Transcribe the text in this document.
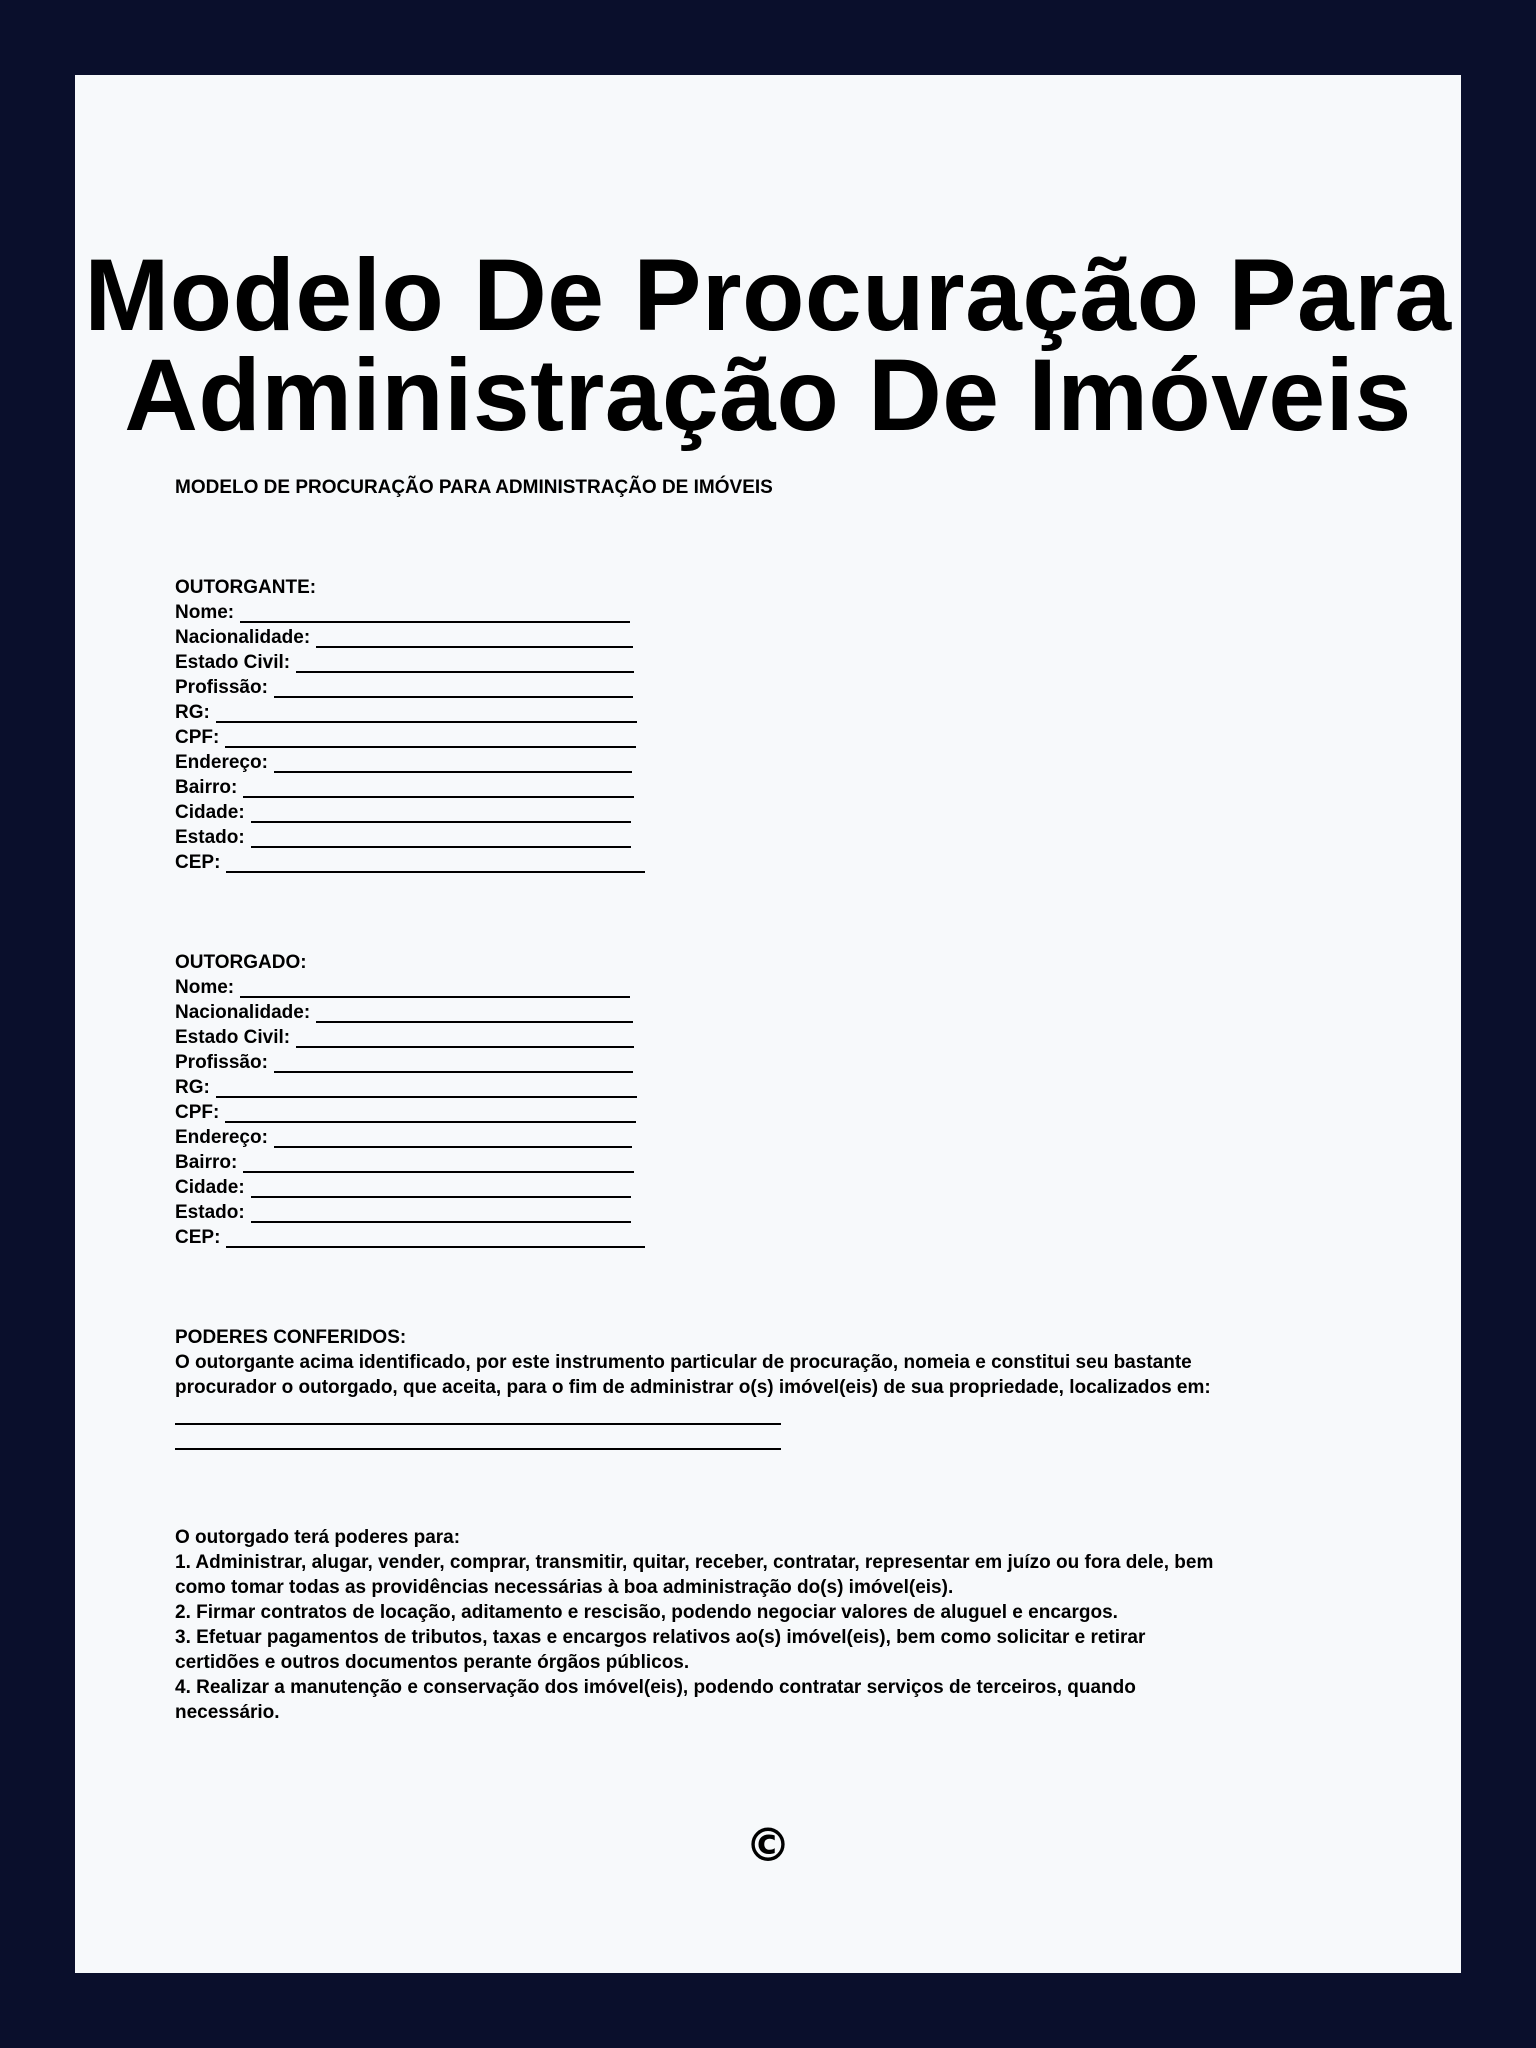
Modelo De Procuração Para
Administração De Imóveis

MODELO DE PROCURAÇÃO PARA ADMINISTRAÇÃO DE IMÓVEIS

OUTORGANTE:

Nome:
Nacionalidade:
Estado Civil:
Profissão:
RG:
CPF:
Endereço:
Bairro:
Cidade:
Estado:
CEP:

OUTORGADO:

Nome:
Nacionalidade:
Estado Civil:
Profissão:
RG:
CPF:
Endereço:
Bairro:
Cidade:
Estado:
CEP:

PODERES CONFERIDOS:

O outorgante acima identificado, por este instrumento particular de procuração, nomeia e constitui seu bastante procurador o outorgado, que aceita, para o fim de administrar o(s) imóvel(eis) de sua propriedade, localizados em:

O outorgado terá poderes para:

1. Administrar, alugar, vender, comprar, transmitir, quitar, receber, contratar, representar em juízo ou fora dele, bem como tomar todas as providências necessárias à boa administração do(s) imóvel(eis).
2. Firmar contratos de locação, aditamento e rescisão, podendo negociar valores de aluguel e encargos.
3. Efetuar pagamentos de tributos, taxas e encargos relativos ao(s) imóvel(eis), bem como solicitar e retirar certidões e outros documentos perante órgãos públicos.
4. Realizar a manutenção e conservação dos imóvel(eis), podendo contratar serviços de terceiros, quando necessário.
©
